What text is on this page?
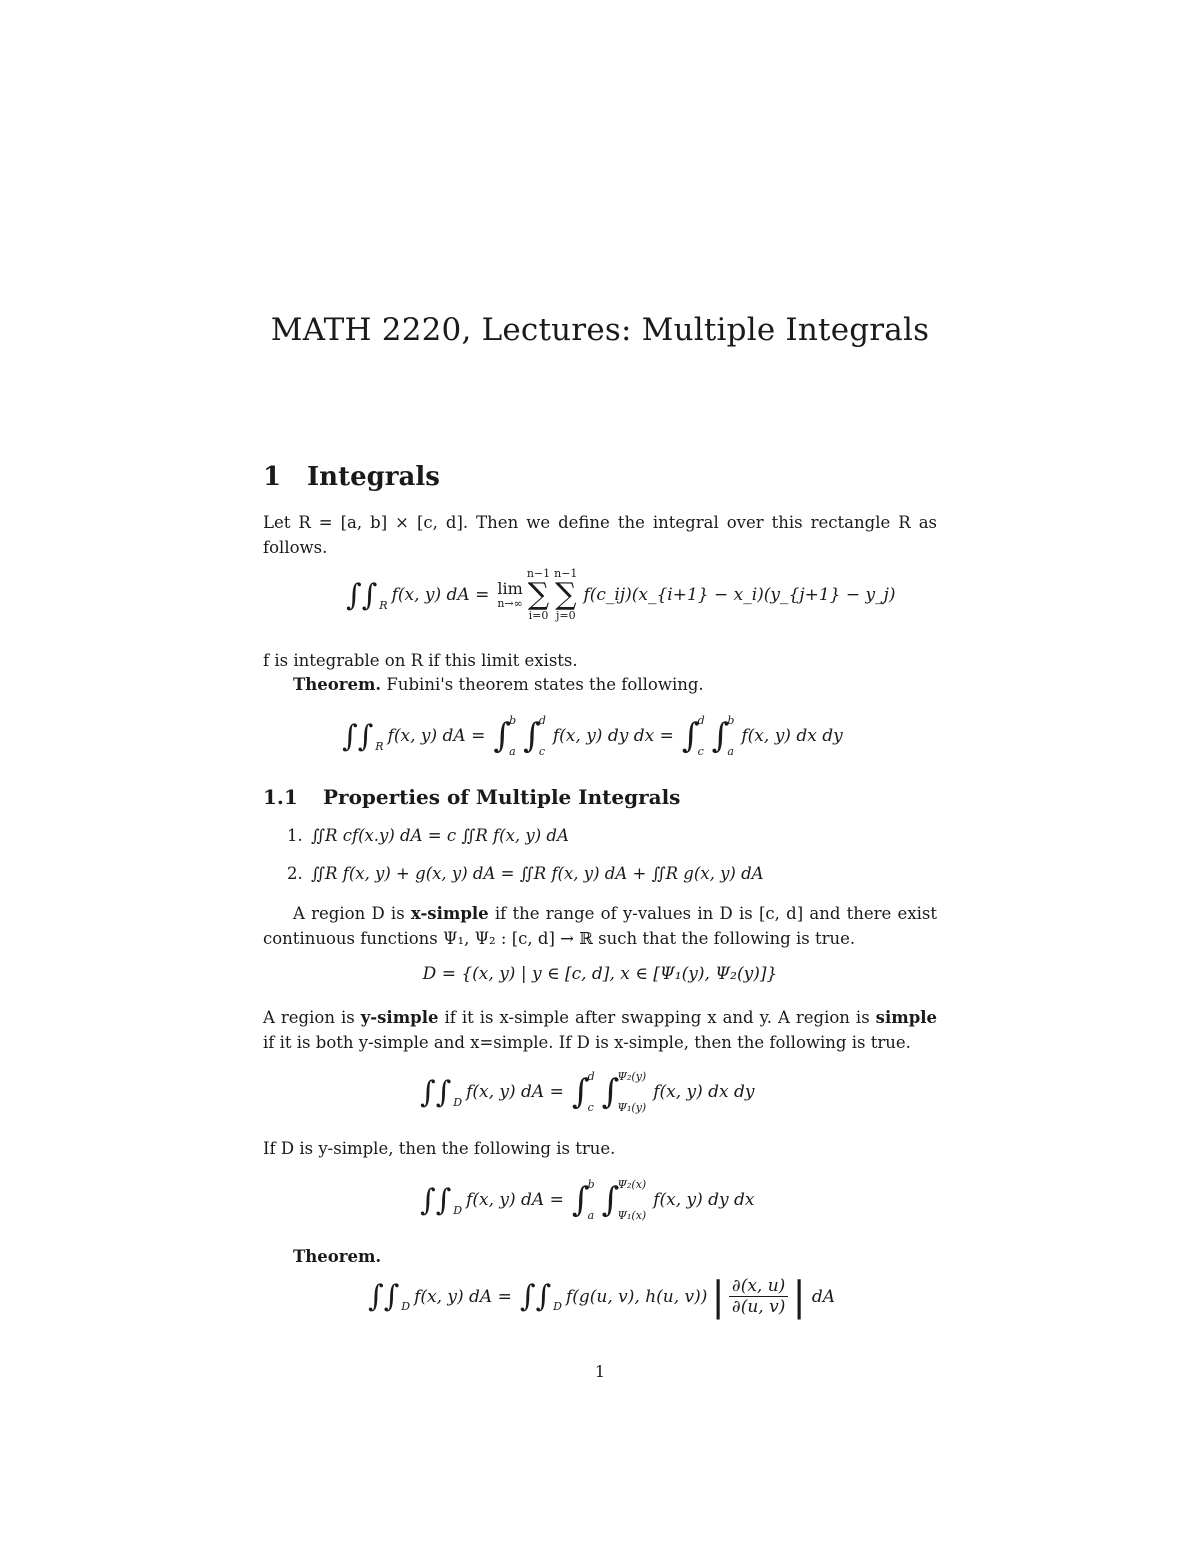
MATH 2220, Lectures: Multiple Integrals
1 Integrals
Let R = [a, b] × [c, d]. Then we define the integral over this rectangle R as follows.
∫∫ R f(x, y) dA = lim
n→∞
n−1
∑
i=0
n−1
∑
j=0
f(c_ij)(x_{i+1} − x_i)(y_{j+1} − y_j)
f is integrable on R if this limit exists.
Theorem. Fubini's theorem states the following.
∫∫ R f(x, y) dA = ∫
b
a ∫
d
c
f(x, y) dy dx = ∫
d
c ∫
b
a
f(x, y) dx dy
1.1 Properties of Multiple Integrals
1. ∬R cf(x.y) dA = c ∬R f(x, y) dA
2. ∬R f(x, y) + g(x, y) dA = ∬R f(x, y) dA + ∬R g(x, y) dA
A region D is x-simple if the range of y-values in D is [c, d] and there exist continuous functions Ψ₁, Ψ₂ : [c, d] → ℝ such that the following is true.
D = {(x, y) | y ∈ [c, d], x ∈ [Ψ₁(y), Ψ₂(y)]}
A region is y-simple if it is x-simple after swapping x and y. A region is simple if it is both y-simple and x=simple. If D is x-simple, then the following is true.
∫∫ D f(x, y) dA = ∫
d
c ∫
Ψ₂(y)
Ψ₁(y)
f(x, y) dx dy
If D is y-simple, then the following is true.
∫∫ D f(x, y) dA = ∫
b
a ∫
Ψ₂(x)
Ψ₁(x)
f(x, y) dy dx
Theorem.
∫∫ D f(x, y) dA = ∫∫ D f(g(u, v), h(u, v)) | $\frac{\partial(x, u)}{\partial(u, v)}$ | dA
1
